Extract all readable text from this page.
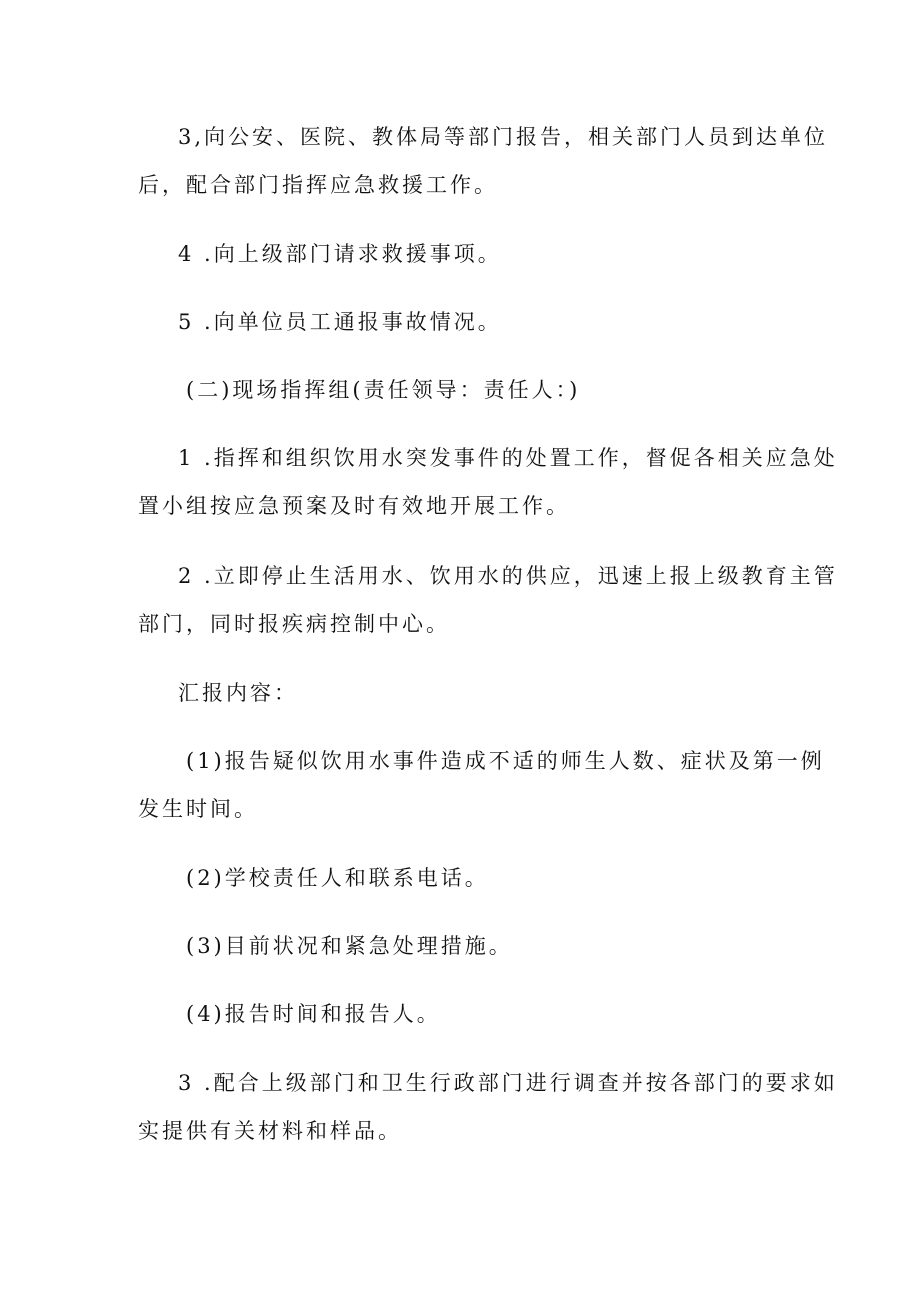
3,向公安、医院、教体局等部门报告，相关部门人员到达单位
后，配合部门指挥应急救援工作。
4 .向上级部门请求救援事项。
5 .向单位员工通报事故情况。
(二)现场指挥组(责任领导：责任人：)
1 .指挥和组织饮用水突发事件的处置工作，督促各相关应急处
置小组按应急预案及时有效地开展工作。
2 .立即停止生活用水、饮用水的供应，迅速上报上级教育主管
部门，同时报疾病控制中心。
汇报内容：
(1)报告疑似饮用水事件造成不适的师生人数、症状及第一例
发生时间。
(2)学校责任人和联系电话。
(3)目前状况和紧急处理措施。
(4)报告时间和报告人。
3 .配合上级部门和卫生行政部门进行调查并按各部门的要求如
实提供有关材料和样品。
